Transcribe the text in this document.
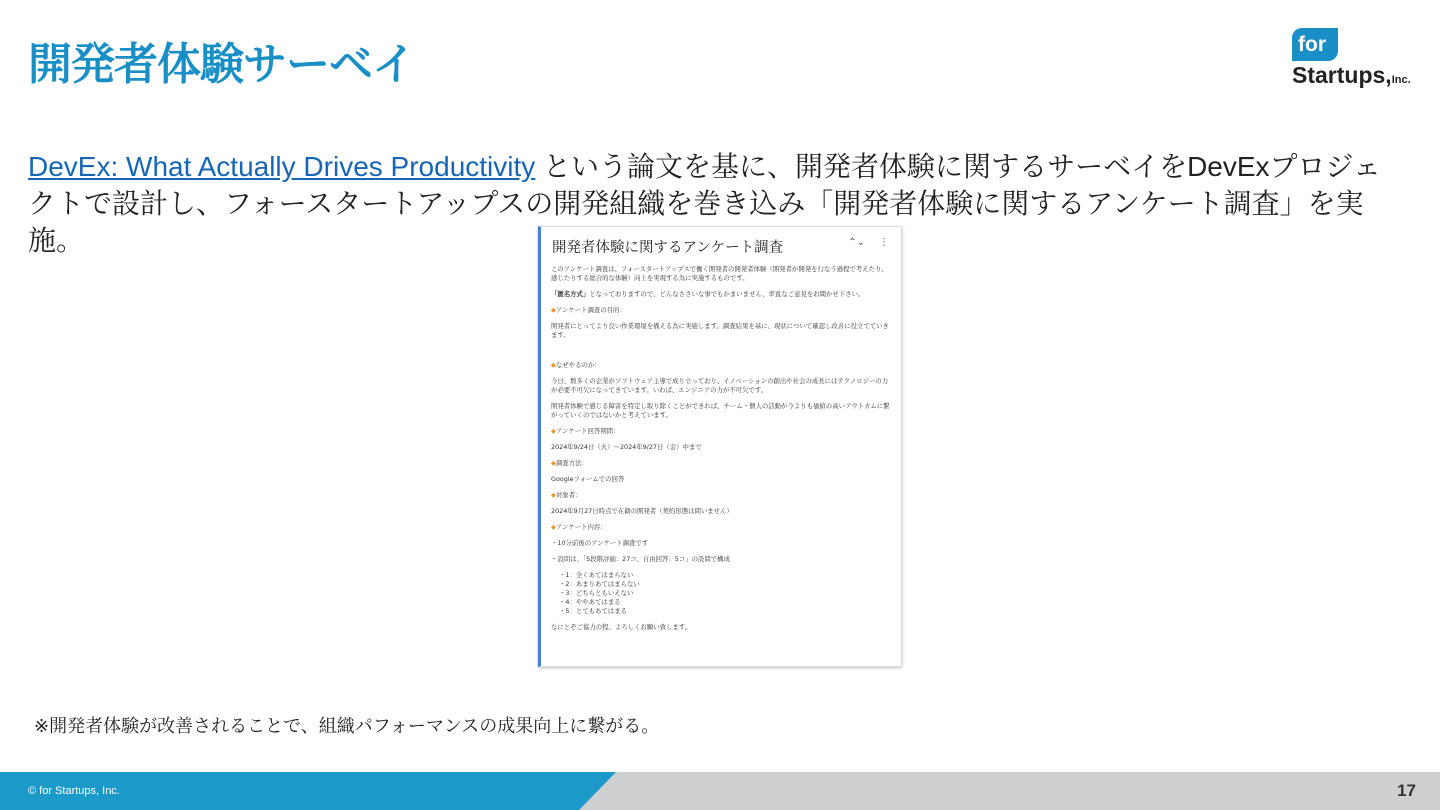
開発者体験サーベイ	for
Startups,Inc.
DevEx: What Actually Drives Productivity という論文を基に、開発者体験に関するサーベイをDevExプロジェクトで設計し、フォースタートアップスの開発組織を巻き込み「開発者体験に関するアンケート調査」を実施。	開発者体験に関するアンケート調査	⌃⌄ ⋮

このアンケート調査は、フォースタートアップスで働く開発者の開発者体験（開発者が開発を行なう過程で考えたり、感じたりする総合的な体験）向上を実現する為に実施するものです。

「匿名方式」となっておりますので、どんなささいな事でもかまいません、率直なご意見をお聞かせ下さい。

◆アンケート調査の目的：

開発者にとってより良い作業環境を備える為に実施します。調査結果を基に、現状について確認し改善に役立てていきます。

◆なぜやるのか：

今日、数多くの企業がソフトウェア主導で成り立っており、イノベーションの創出や社会の成長にはテクノロジーの力が必要不可欠になってきています。いわば、エンジニアの力が不可欠です。

開発者体験で感じる障害を特定し取り除くことができれば、チーム・個人の活動が今よりも価値の高いアウトカムに繋がっていくのではないかと考えています。

◆アンケート回答期間：

2024年9/24日（火）〜2024年9/27日（金）中まで

◆調査方法：

Googleフォームでの回答

◆対象者：

2024年9月27日時点で在籍の開発者（契約形態は問いません）

◆アンケート内容：

・10分前後のアンケート調査です

・設問は、「5段階評価：27コ、自由回答：5コ」の設問で構成

・1：全くあてはまらない

・2：あまりあてはまらない

・3：どちらともいえない

・4：ややあてはまる

・5：とてもあてはまる

なにとぞご協力の程、よろしくお願い致します。

※開発者体験が改善されることで、組織パフォーマンスの成果向上に繋がる。
© for Startups, Inc.	17
